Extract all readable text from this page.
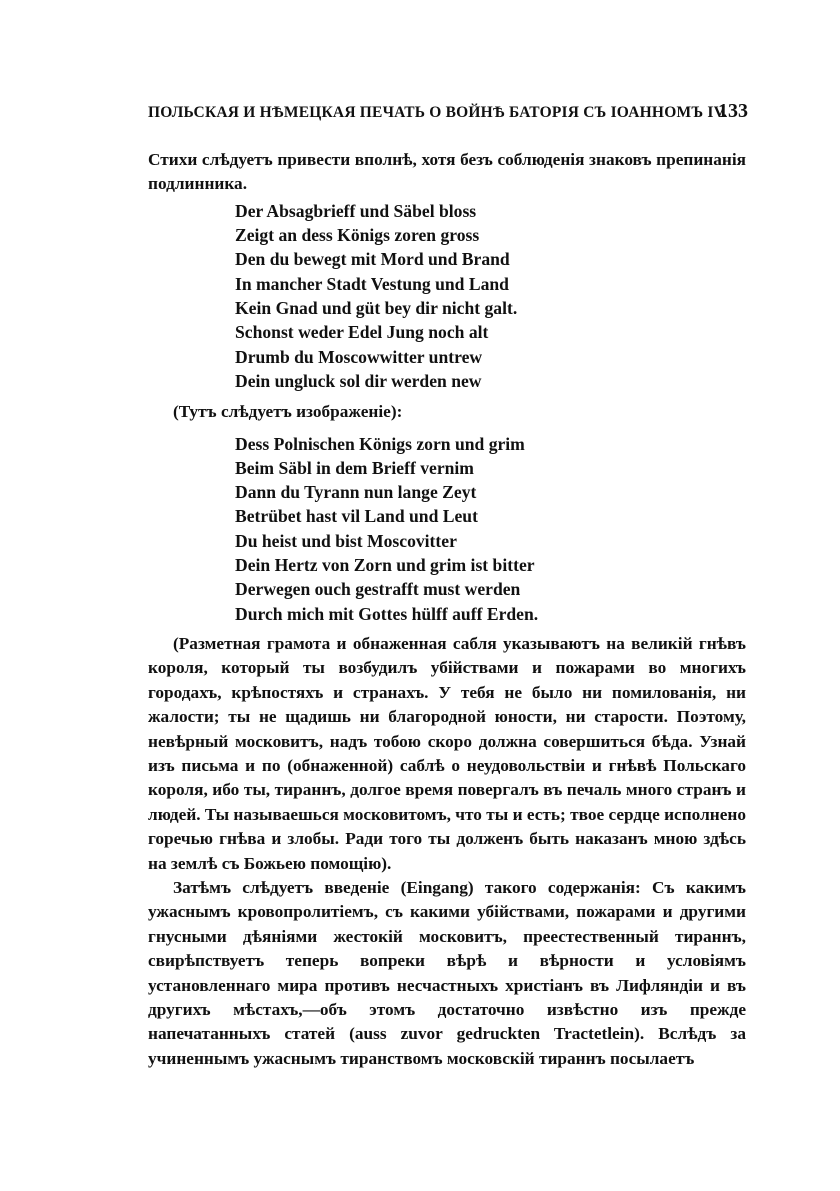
ПОЛЬСКАЯ И НѢМЕЦКАЯ ПЕЧАТЬ О ВОЙНѢ БАТОРІЯ СЪ ІОАННОМЪ IV.
133

Стихи слѣдуетъ привести вполнѣ, хотя безъ соблюденія знаковъ препинанія подлинника.

Der Absagbrieff und Säbel bloss
Zeigt an dess Königs zoren gross
Den du bewegt mit Mord und Brand
In mancher Stadt Vestung und Land
Kein Gnad und güt bey dir nicht galt.
Schonst weder Edel Jung noch alt
Drumb du Moscowwitter untrew
Dein ungluck sol dir werden new

(Тутъ слѣдуетъ изображеніе):

Dess Polnischen Königs zorn und grim
Beim Säbl in dem Brieff vernim
Dann du Tyrann nun lange Zeyt
Betrübet hast vil Land und Leut
Du heist und bist Moscovitter
Dein Hertz von Zorn und grim ist bitter
Derwegen ouch gestrafft must werden
Durch mich mit Gottes hülff auff Erden.

(Разметная грамота и обнаженная сабля указываютъ на великій гнѣвъ короля, который ты возбудилъ убійствами и пожарами во многихъ городахъ, крѣпостяхъ и странахъ. У тебя не было ни помилованія, ни жалости; ты не щадишь ни благородной юности, ни старости. Поэтому, невѣрный московитъ, надъ тобою скоро должна совершиться бѣда. Узнай изъ письма и по (обнаженной) саблѣ о неудовольствіи и гнѣвѣ Польскаго короля, ибо ты, тираннъ, долгое время повергалъ въ печаль много странъ и людей. Ты называешься московитомъ, что ты и есть; твое сердце исполнено горечью гнѣва и злобы. Ради того ты долженъ быть наказанъ мною здѣсь на землѣ съ Божьею помощію).

Затѣмъ слѣдуетъ введеніе (Eingang) такого содержанія: Съ какимъ ужаснымъ кровопролитіемъ, съ какими убійствами, пожарами и другими гнусными дѣяніями жестокій московитъ, преестественный тираннъ, свирѣпствуетъ теперь вопреки вѣрѣ и вѣрности и условіямъ установленнаго мира противъ несчастныхъ христіанъ въ Лифляндіи и въ другихъ мѣстахъ,—объ этомъ достаточно извѣстно изъ прежде напечатанныхъ статей (auss zuvor gedruckten Tractetlein). Вслѣдъ за учиненнымъ ужаснымъ тиранствомъ московскій тираннъ посылаетъ
